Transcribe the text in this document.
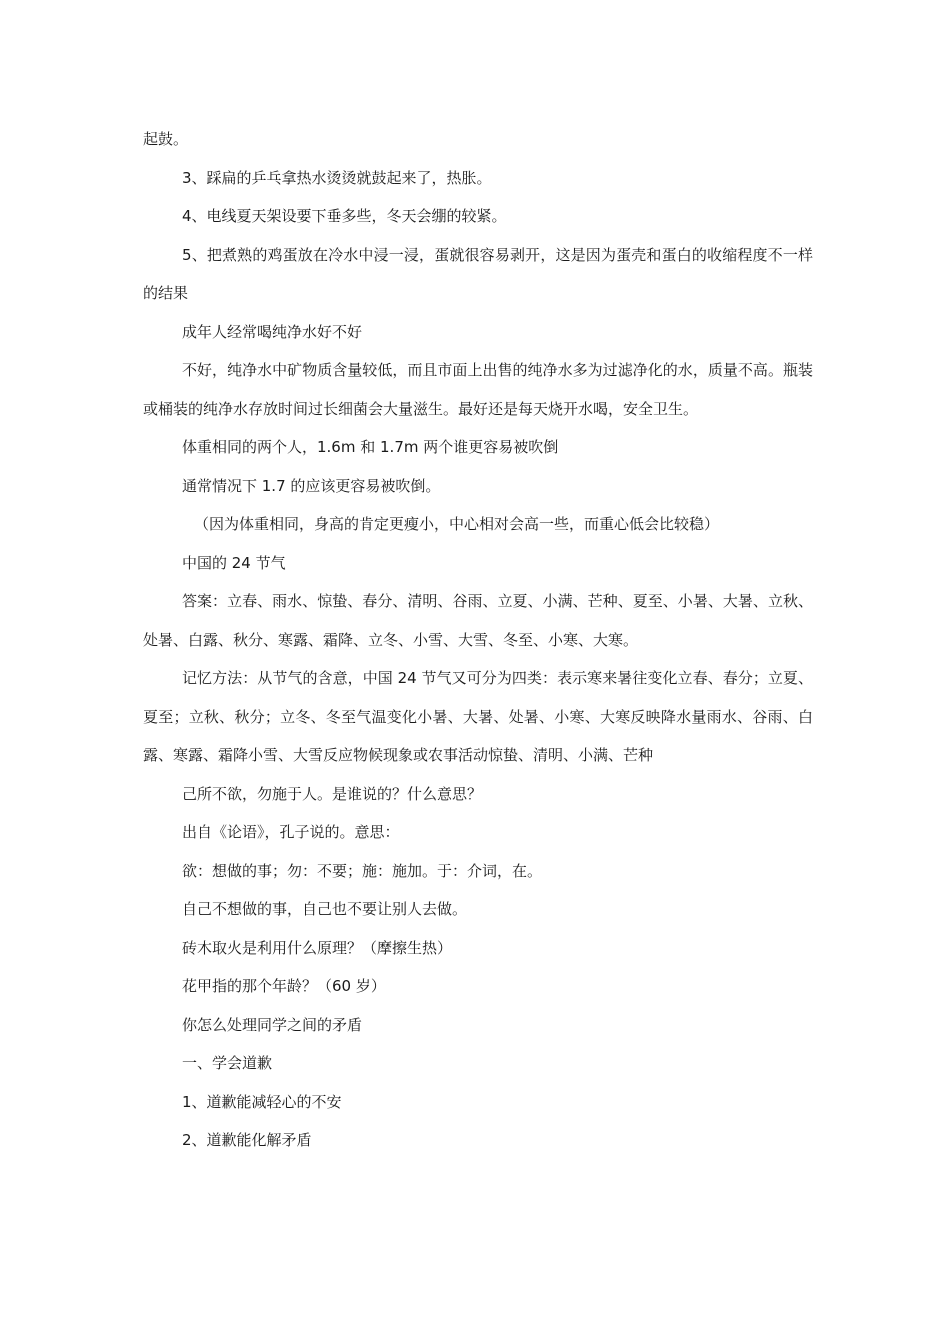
起鼓。

3、踩扁的乒乓拿热水烫烫就鼓起来了，热胀。

4、电线夏天架设要下垂多些，冬天会绷的较紧。

5、把煮熟的鸡蛋放在冷水中浸一浸，蛋就很容易剥开，这是因为蛋壳和蛋白的收缩程度不一样的结果

成年人经常喝纯净水好不好

不好，纯净水中矿物质含量较低，而且市面上出售的纯净水多为过滤净化的水，质量不高。瓶装或桶装的纯净水存放时间过长细菌会大量滋生。最好还是每天烧开水喝，安全卫生。

体重相同的两个人，1.6m 和 1.7m 两个谁更容易被吹倒

通常情况下 1.7 的应该更容易被吹倒。

（因为体重相同，身高的肯定更瘦小，中心相对会高一些，而重心低会比较稳）

中国的 24 节气

答案：立春、雨水、惊蛰、春分、清明、谷雨、立夏、小满、芒种、夏至、小暑、大暑、立秋、处暑、白露、秋分、寒露、霜降、立冬、小雪、大雪、冬至、小寒、大寒。

记忆方法：从节气的含意，中国 24 节气又可分为四类：表示寒来暑往变化立春、春分；立夏、夏至；立秋、秋分；立冬、冬至气温变化小暑、大暑、处暑、小寒、大寒反映降水量雨水、谷雨、白露、寒露、霜降小雪、大雪反应物候现象或农事活动惊蛰、清明、小满、芒种

己所不欲，勿施于人。是谁说的？什么意思？

出自《论语》，孔子说的。意思：

欲：想做的事；勿：不要；施：施加。于：介词，在。

自己不想做的事，自己也不要让别人去做。

砖木取火是利用什么原理？（摩擦生热）

花甲指的那个年龄？（60 岁）

你怎么处理同学之间的矛盾

一、学会道歉

1、道歉能减轻心的不安

2、道歉能化解矛盾
